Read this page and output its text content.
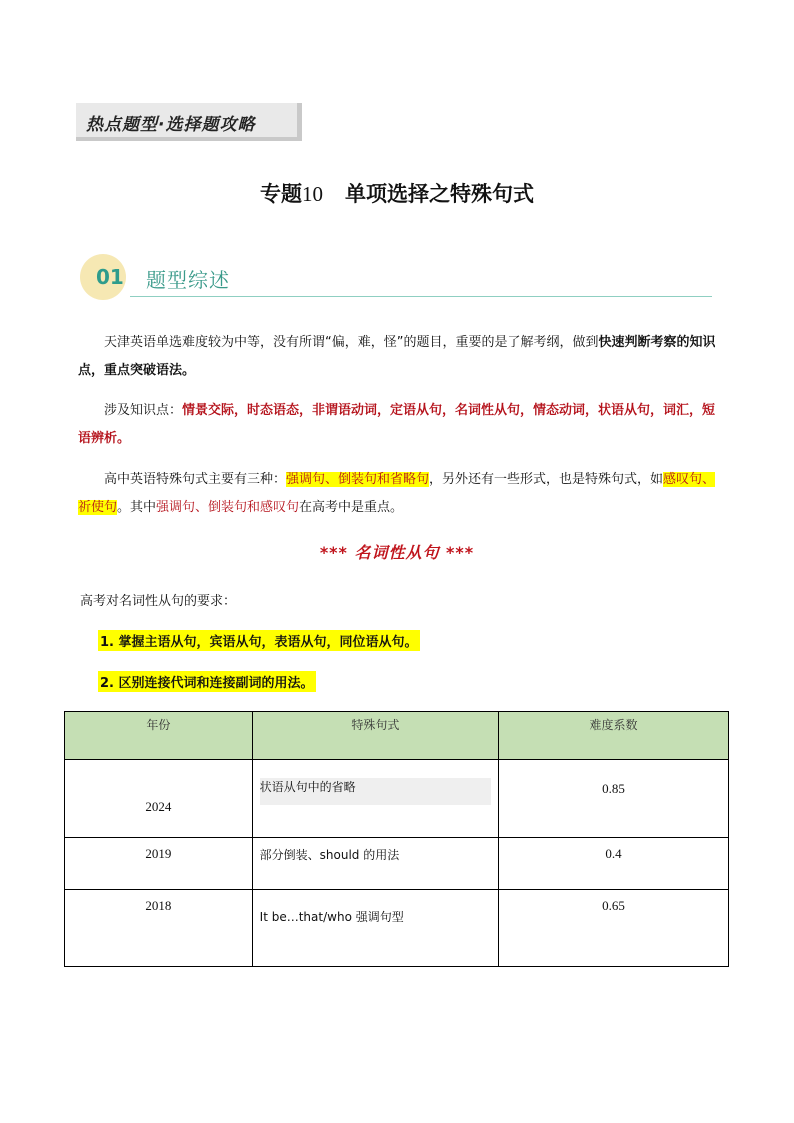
热点题型·选择题攻略
专题10 单项选择之特殊句式
01 题型综述
天津英语单选难度较为中等，没有所谓“偏，难，怪”的题目，重要的是了解考纲，做到快速判断考察的知识点，重点突破语法。
涉及知识点：情景交际，时态语态，非谓语动词，定语从句，名词性从句，情态动词，状语从句，词汇，短语辨析。
高中英语特殊句式主要有三种：强调句、倒装句和省略句，另外还有一些形式，也是特殊句式，如感叹句、祈使句。其中强调句、倒装句和感叹句在高考中是重点。
*** 名词性从句 ***
高考对名词性从句的要求：
1. 掌握主语从句，宾语从句，表语从句，同位语从句。
2. 区别连接代词和连接副词的用法。
年份	特殊句式	难度系数

2024	状语从句中的省略	0.85

2019	部分倒装、should 的用法	0.4

2018	It be…that/who 强调句型	0.65
